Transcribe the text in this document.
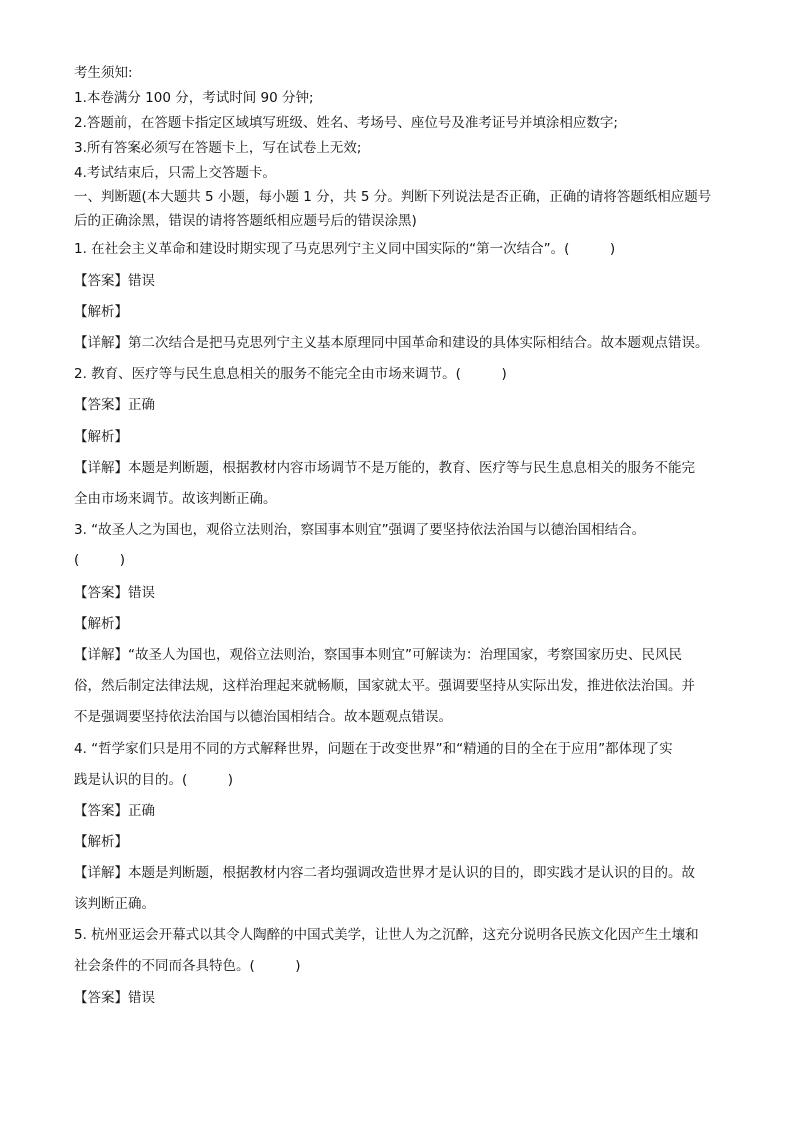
考生须知:
1.本卷满分 100 分，考试时间 90 分钟;
2.答题前，在答题卡指定区域填写班级、姓名、考场号、座位号及准考证号并填涂相应数字;
3.所有答案必须写在答题卡上，写在试卷上无效;
4.考试结束后，只需上交答题卡。
一、判断题(本大题共 5 小题，每小题 1 分，共 5 分。判断下列说法是否正确，正确的请将答题纸相应题号
后的正确涂黑，错误的请将答题纸相应题号后的错误涂黑)
1. 在社会主义革命和建设时期实现了马克思列宁主义同中国实际的“第一次结合”。(　　　)
【答案】错误
【解析】
【详解】第二次结合是把马克思列宁主义基本原理同中国革命和建设的具体实际相结合。故本题观点错误。
2. 教育、医疗等与民生息息相关的服务不能完全由市场来调节。(　　　)
【答案】正确
【解析】
【详解】本题是判断题，根据教材内容市场调节不是万能的，教育、医疗等与民生息息相关的服务不能完
全由市场来调节。故该判断正确。
3. “故圣人之为国也，观俗立法则治，察国事本则宜”强调了要坚持依法治国与以德治国相结合。
(　　　)
【答案】错误
【解析】
【详解】“故圣人为国也，观俗立法则治，察国事本则宜”可解读为：治理国家，考察国家历史、民风民
俗，然后制定法律法规，这样治理起来就畅顺，国家就太平。强调要坚持从实际出发，推进依法治国。并
不是强调要坚持依法治国与以德治国相结合。故本题观点错误。
4. “哲学家们只是用不同的方式解释世界，问题在于改变世界”和“精通的目的全在于应用”都体现了实
践是认识的目的。(　　　)
【答案】正确
【解析】
【详解】本题是判断题，根据教材内容二者均强调改造世界才是认识的目的，即实践才是认识的目的。故
该判断正确。
5. 杭州亚运会开幕式以其令人陶醉的中国式美学，让世人为之沉醉，这充分说明各民族文化因产生土壤和
社会条件的不同而各具特色。(　　　)
【答案】错误
